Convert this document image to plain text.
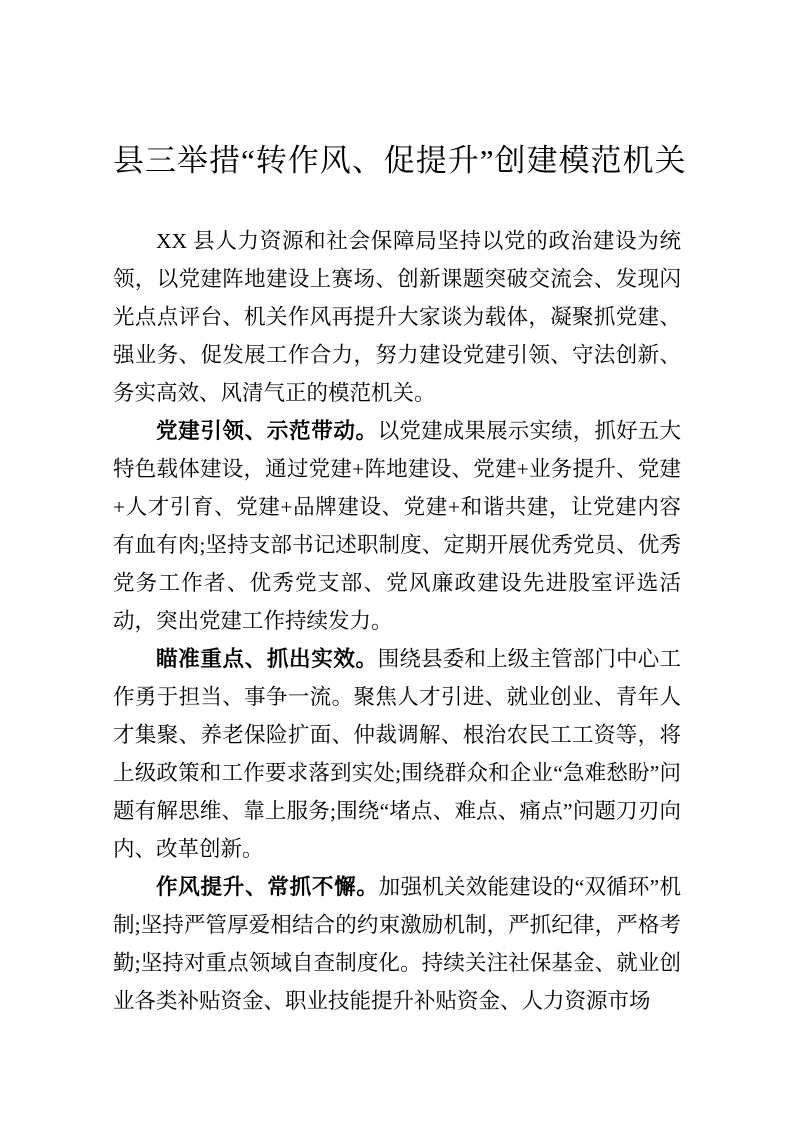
县三举措“转作风、促提升”创建模范机关

XX 县人力资源和社会保障局坚持以党的政治建设为统领，以党建阵地建设上赛场、创新课题突破交流会、发现闪光点点评台、机关作风再提升大家谈为载体，凝聚抓党建、强业务、促发展工作合力，努力建设党建引领、守法创新、务实高效、风清气正的模范机关。

党建引领、示范带动。以党建成果展示实绩，抓好五大特色载体建设，通过党建+阵地建设、党建+业务提升、党建+人才引育、党建+品牌建设、党建+和谐共建，让党建内容有血有肉;坚持支部书记述职制度、定期开展优秀党员、优秀党务工作者、优秀党支部、党风廉政建设先进股室评选活动，突出党建工作持续发力。

瞄准重点、抓出实效。围绕县委和上级主管部门中心工作勇于担当、事争一流。聚焦人才引进、就业创业、青年人才集聚、养老保险扩面、仲裁调解、根治农民工工资等，将上级政策和工作要求落到实处;围绕群众和企业“急难愁盼”问题有解思维、靠上服务;围绕“堵点、难点、痛点”问题刀刃向内、改革创新。

作风提升、常抓不懈。加强机关效能建设的“双循环”机制;坚持严管厚爱相结合的约束激励机制，严抓纪律，严格考勤;坚持对重点领域自查制度化。持续关注社保基金、就业创业各类补贴资金、职业技能提升补贴资金、人力资源市场
